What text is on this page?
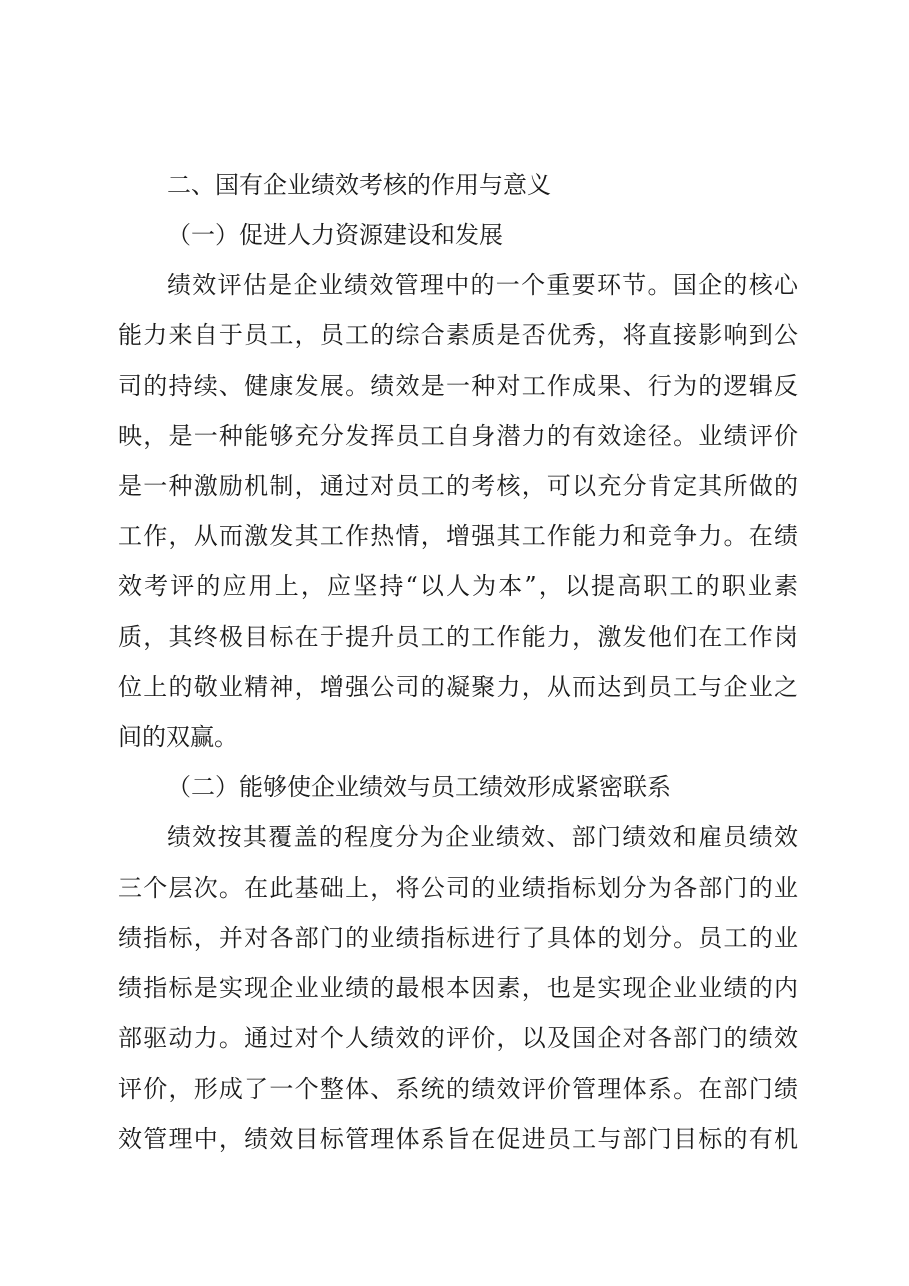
二、国有企业绩效考核的作用与意义
（一）促进人力资源建设和发展
绩效评估是企业绩效管理中的一个重要环节。国企的核心
能力来自于员工，员工的综合素质是否优秀，将直接影响到公
司的持续、健康发展。绩效是一种对工作成果、行为的逻辑反
映，是一种能够充分发挥员工自身潜力的有效途径。业绩评价
是一种激励机制，通过对员工的考核，可以充分肯定其所做的
工作，从而激发其工作热情，增强其工作能力和竞争力。在绩
效考评的应用上，应坚持“以人为本”，以提高职工的职业素
质，其终极目标在于提升员工的工作能力，激发他们在工作岗
位上的敬业精神，增强公司的凝聚力，从而达到员工与企业之
间的双赢。
（二）能够使企业绩效与员工绩效形成紧密联系
绩效按其覆盖的程度分为企业绩效、部门绩效和雇员绩效
三个层次。在此基础上，将公司的业绩指标划分为各部门的业
绩指标，并对各部门的业绩指标进行了具体的划分。员工的业
绩指标是实现企业业绩的最根本因素，也是实现企业业绩的内
部驱动力。通过对个人绩效的评价，以及国企对各部门的绩效
评价，形成了一个整体、系统的绩效评价管理体系。在部门绩
效管理中，绩效目标管理体系旨在促进员工与部门目标的有机
